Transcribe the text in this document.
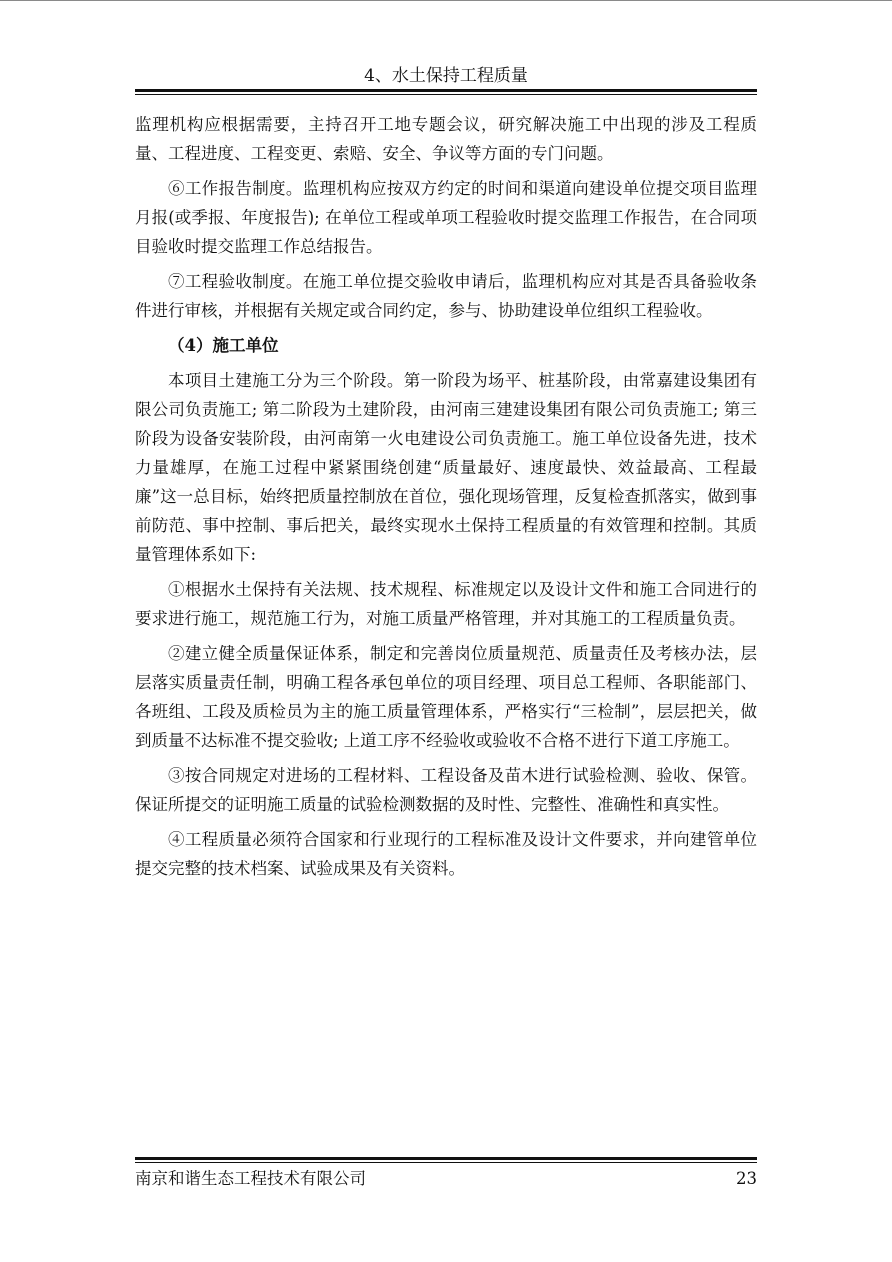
4、水土保持工程质量

监理机构应根据需要，主持召开工地专题会议，研究解决施工中出现的涉及工程质量、工程进度、工程变更、索赔、安全、争议等方面的专门问题。

⑥工作报告制度。监理机构应按双方约定的时间和渠道向建设单位提交项目监理月报(或季报、年度报告); 在单位工程或单项工程验收时提交监理工作报告，在合同项目验收时提交监理工作总结报告。

⑦工程验收制度。在施工单位提交验收申请后，监理机构应对其是否具备验收条件进行审核，并根据有关规定或合同约定，参与、协助建设单位组织工程验收。

（4）施工单位

本项目土建施工分为三个阶段。第一阶段为场平、桩基阶段，由常嘉建设集团有限公司负责施工; 第二阶段为土建阶段，由河南三建建设集团有限公司负责施工; 第三阶段为设备安装阶段，由河南第一火电建设公司负责施工。施工单位设备先进，技术力量雄厚，在施工过程中紧紧围绕创建“质量最好、速度最快、效益最高、工程最廉”这一总目标，始终把质量控制放在首位，强化现场管理，反复检查抓落实，做到事前防范、事中控制、事后把关，最终实现水土保持工程质量的有效管理和控制。其质量管理体系如下:

①根据水土保持有关法规、技术规程、标准规定以及设计文件和施工合同进行的要求进行施工，规范施工行为，对施工质量严格管理，并对其施工的工程质量负责。

②建立健全质量保证体系，制定和完善岗位质量规范、质量责任及考核办法，层层落实质量责任制，明确工程各承包单位的项目经理、项目总工程师、各职能部门、各班组、工段及质检员为主的施工质量管理体系，严格实行“三检制”，层层把关，做到质量不达标准不提交验收; 上道工序不经验收或验收不合格不进行下道工序施工。

③按合同规定对进场的工程材料、工程设备及苗木进行试验检测、验收、保管。保证所提交的证明施工质量的试验检测数据的及时性、完整性、准确性和真实性。

④工程质量必须符合国家和行业现行的工程标准及设计文件要求，并向建管单位提交完整的技术档案、试验成果及有关资料。

南京和谐生态工程技术有限公司	23
